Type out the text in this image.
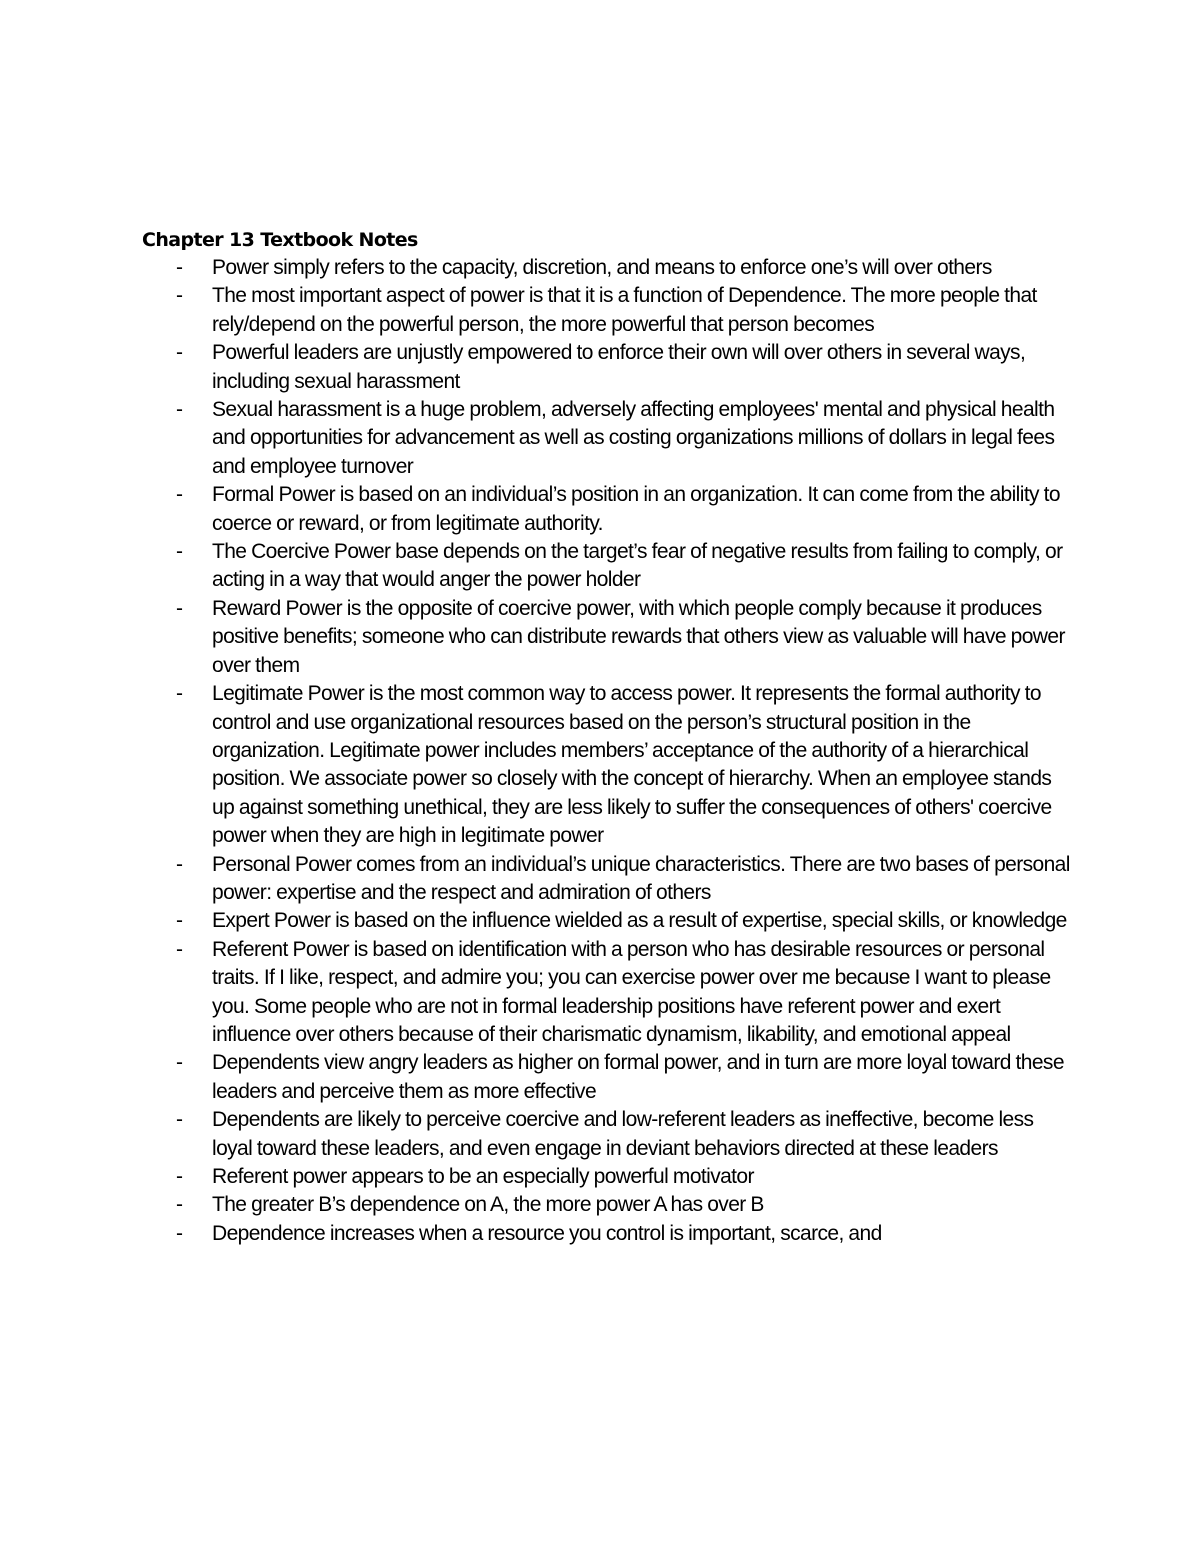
Chapter 13 Textbook Notes
- Power simply refers to the capacity, discretion, and means to enforce one’s will over others
- The most important aspect of power is that it is a function of Dependence. The more people that rely/depend on the powerful person, the more powerful that person becomes
- Powerful leaders are unjustly empowered to enforce their own will over others in several ways, including sexual harassment
- Sexual harassment is a huge problem, adversely affecting employees' mental and physical health and opportunities for advancement as well as costing organizations millions of dollars in legal fees and employee turnover
- Formal Power is based on an individual’s position in an organization. It can come from the ability to coerce or reward, or from legitimate authority.
- The Coercive Power base depends on the target’s fear of negative results from failing to comply, or acting in a way that would anger the power holder
- Reward Power is the opposite of coercive power, with which people comply because it produces positive benefits; someone who can distribute rewards that others view as valuable will have power over them
- Legitimate Power is the most common way to access power. It represents the formal authority to control and use organizational resources based on the person’s structural position in the organization. Legitimate power includes members’ acceptance of the authority of a hierarchical position. We associate power so closely with the concept of hierarchy. When an employee stands up against something unethical, they are less likely to suffer the consequences of others' coercive power when they are high in legitimate power
- Personal Power comes from an individual’s unique characteristics. There are two bases of personal power: expertise and the respect and admiration of others
- Expert Power is based on the influence wielded as a result of expertise, special skills, or knowledge
- Referent Power is based on identification with a person who has desirable resources or personal traits. If I like, respect, and admire you; you can exercise power over me because I want to please you. Some people who are not in formal leadership positions have referent power and exert influence over others because of their charismatic dynamism, likability, and emotional appeal
- Dependents view angry leaders as higher on formal power, and in turn are more loyal toward these leaders and perceive them as more effective
- Dependents are likely to perceive coercive and low-referent leaders as ineffective, become less loyal toward these leaders, and even engage in deviant behaviors directed at these leaders
- Referent power appears to be an especially powerful motivator
- The greater B’s dependence on A, the more power A has over B
- Dependence increases when a resource you control is important, scarce, and
